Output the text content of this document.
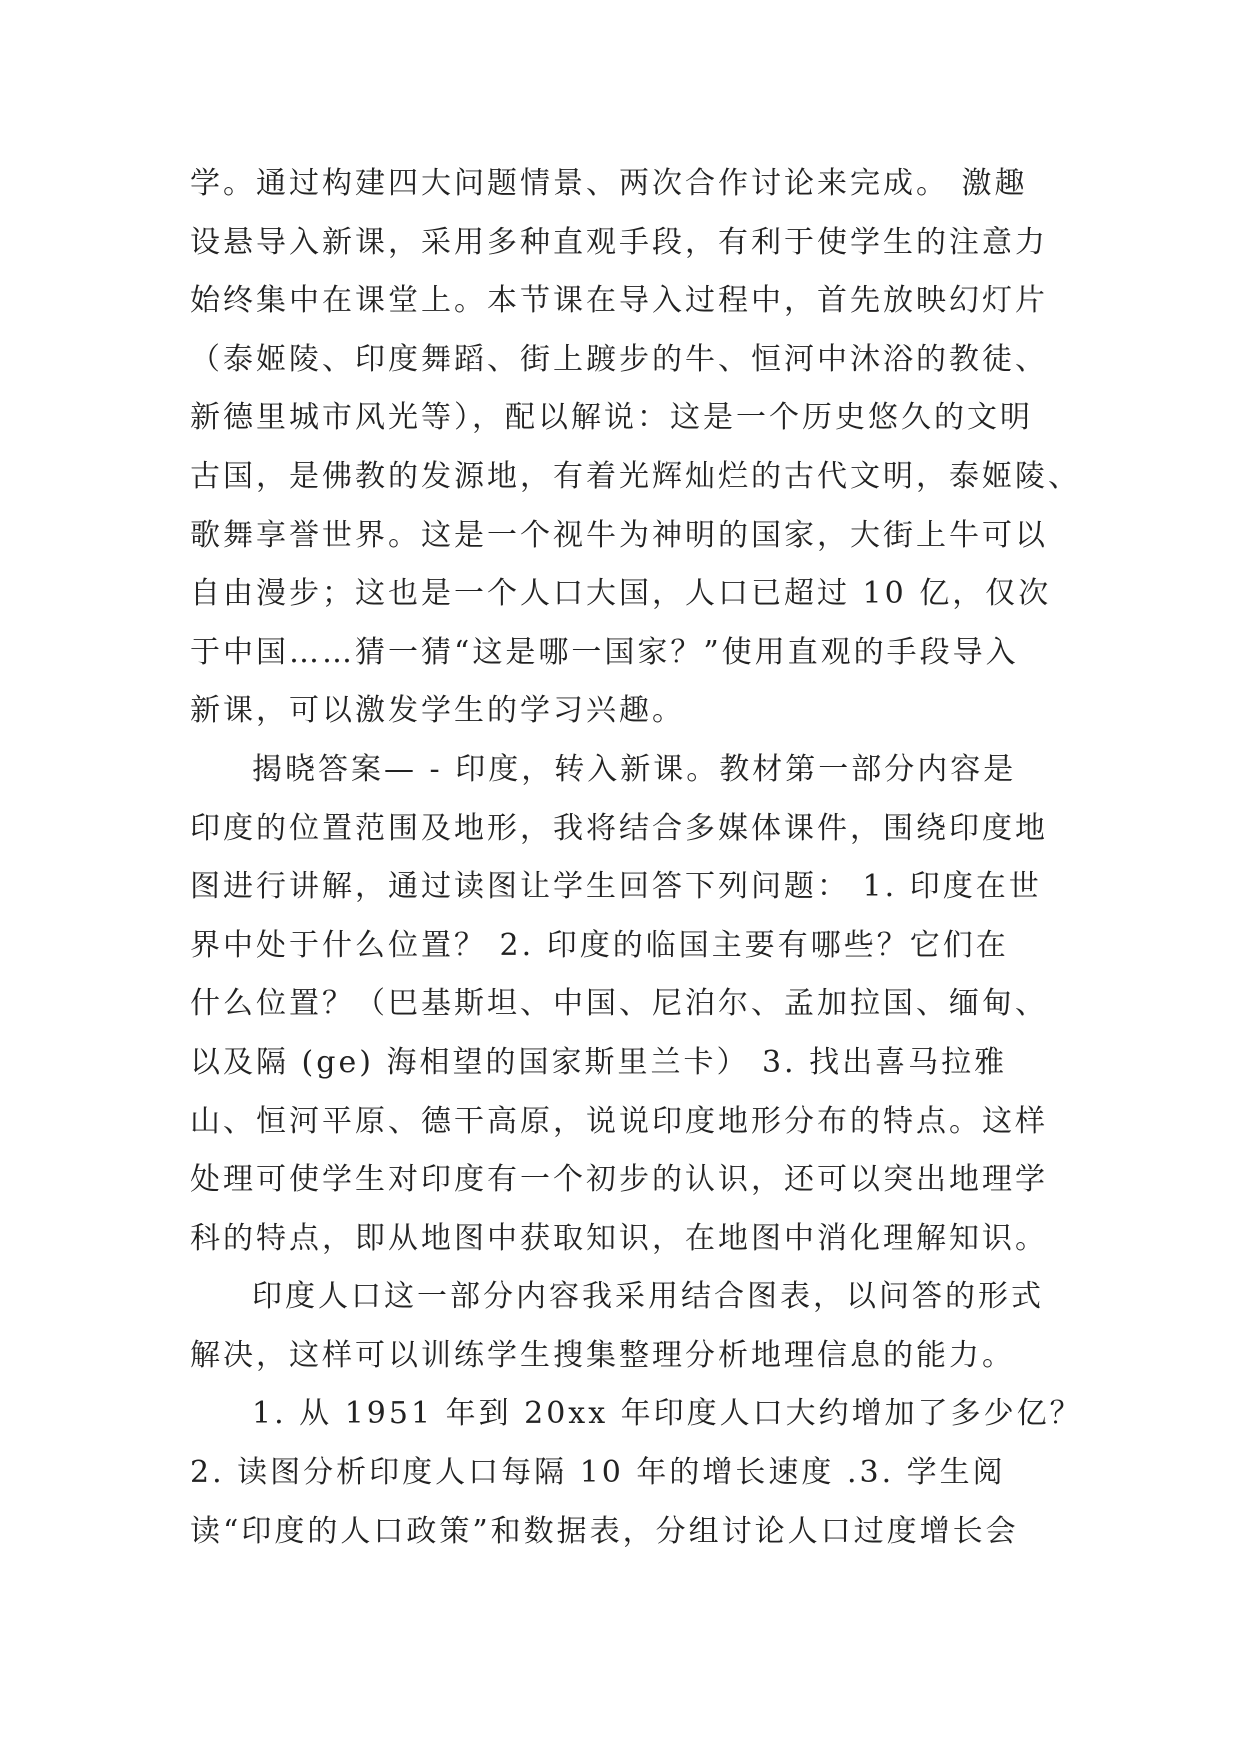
学。通过构建四大问题情景、两次合作讨论来完成。 激趣
设悬导入新课，采用多种直观手段，有利于使学生的注意力
始终集中在课堂上。本节课在导入过程中，首先放映幻灯片
（泰姬陵、印度舞蹈、街上踱步的牛、恒河中沐浴的教徒、
新德里城市风光等），配以解说：这是一个历史悠久的文明
古国，是佛教的发源地，有着光辉灿烂的古代文明，泰姬陵、
歌舞享誉世界。这是一个视牛为神明的国家，大街上牛可以
自由漫步；这也是一个人口大国，人口已超过 10 亿，仅次
于中国……猜一猜“这是哪一国家？”使用直观的手段导入
新课，可以激发学生的学习兴趣。
揭晓答案— - 印度，转入新课。教材第一部分内容是
印度的位置范围及地形，我将结合多媒体课件，围绕印度地
图进行讲解，通过读图让学生回答下列问题： 1. 印度在世
界中处于什么位置？ 2. 印度的临国主要有哪些？它们在
什么位置？（巴基斯坦、中国、尼泊尔、孟加拉国、缅甸、
以及隔 (ge) 海相望的国家斯里兰卡） 3. 找出喜马拉雅
山、恒河平原、德干高原，说说印度地形分布的特点。这样
处理可使学生对印度有一个初步的认识，还可以突出地理学
科的特点，即从地图中获取知识，在地图中消化理解知识。
印度人口这一部分内容我采用结合图表，以问答的形式
解决，这样可以训练学生搜集整理分析地理信息的能力。
1. 从 1951 年到 20xx 年印度人口大约增加了多少亿？
2. 读图分析印度人口每隔 10 年的增长速度 .3. 学生阅
读“印度的人口政策”和数据表，分组讨论人口过度增长会
